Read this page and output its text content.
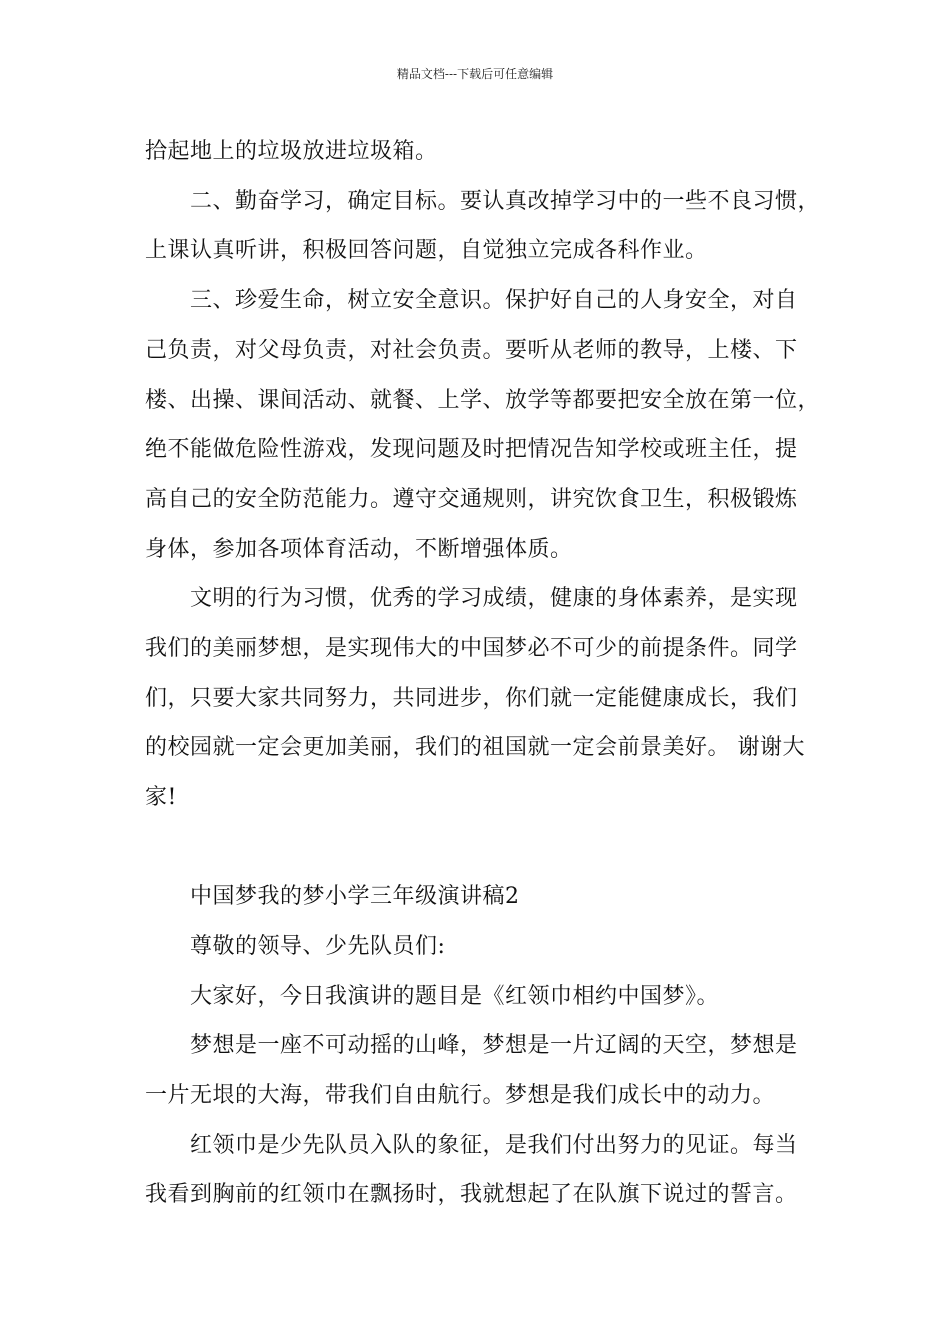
精品文档---下载后可任意编辑
拾起地上的垃圾放进垃圾箱。
二、勤奋学习，确定目标。要认真改掉学习中的一些不良习惯，
上课认真听讲，积极回答问题，自觉独立完成各科作业。
三、珍爱生命，树立安全意识。保护好自己的人身安全，对自
己负责，对父母负责，对社会负责。要听从老师的教导，上楼、下
楼、出操、课间活动、就餐、上学、放学等都要把安全放在第一位，
绝不能做危险性游戏，发现问题及时把情况告知学校或班主任，提
高自己的安全防范能力。遵守交通规则，讲究饮食卫生，积极锻炼
身体，参加各项体育活动，不断增强体质。
文明的行为习惯，优秀的学习成绩，健康的身体素养，是实现
我们的美丽梦想，是实现伟大的中国梦必不可少的前提条件。同学
们，只要大家共同努力，共同进步，你们就一定能健康成长，我们
的校园就一定会更加美丽，我们的祖国就一定会前景美好。 谢谢大
家!
中国梦我的梦小学三年级演讲稿2
尊敬的领导、少先队员们:
大家好，今日我演讲的题目是《红领巾相约中国梦》。
梦想是一座不可动摇的山峰，梦想是一片辽阔的天空，梦想是
一片无垠的大海，带我们自由航行。梦想是我们成长中的动力。
红领巾是少先队员入队的象征，是我们付出努力的见证。每当
我看到胸前的红领巾在飘扬时，我就想起了在队旗下说过的誓言。
